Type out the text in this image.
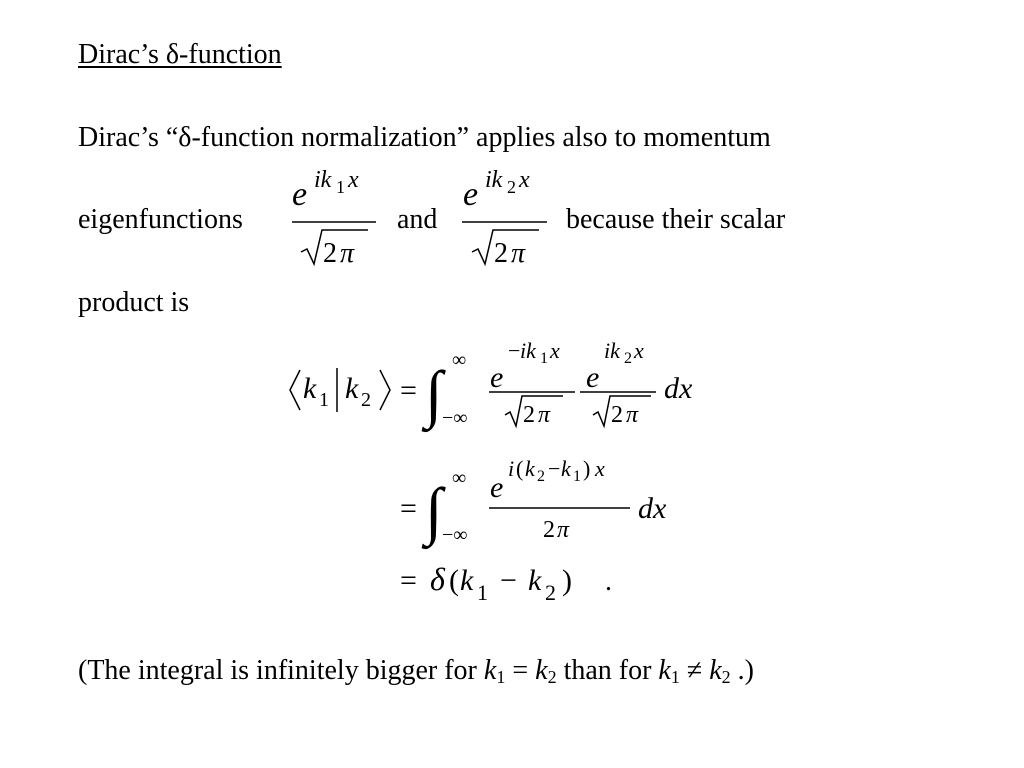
Dirac’s δ-function
Dirac’s “δ-function normalization” applies also to momentum
eigenfunctions	and	because their scalar
product is
e ik 1 x
2 π
e ik 2 x
2 π
k 1 k 2 = ∫ ∞
−∞
e
− ik 1 x
2 π
e
ik 2 x
2 π
dx
= ∫ ∞
−∞
e
i ( k 2 − k 1 ) x
2 π
dx
= δ ( k 1 − k 2 ) .
(The integral is infinitely bigger for $k_1 = k_2$ than for $k_1 \ne k_2$ .)
